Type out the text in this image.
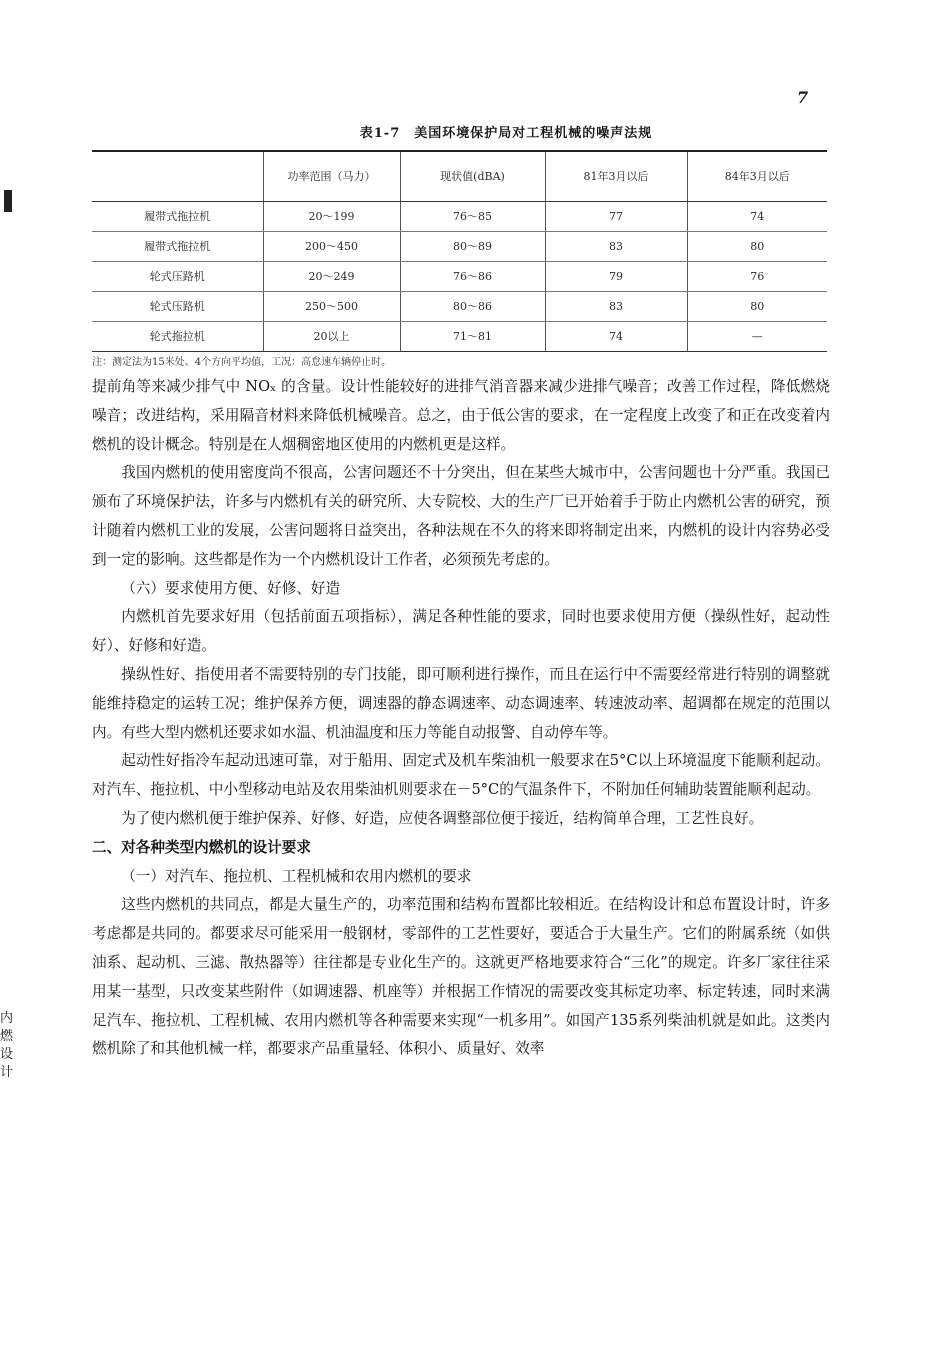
内燃设计
7
表1-7　美国环境保护局对工程机械的噪声法规
	功率范围（马力）	现状值(dBA)	81年3月以后	84年3月以后
履带式拖拉机	20～199	76～85	77	74
履带式拖拉机	200～450	80～89	83	80
轮式压路机	20～249	76～86	79	76
轮式压路机	250～500	80～86	83	80
轮式拖拉机	20以上	71～81	74	—
注：测定法为15米处、4个方向平均值，工况：高怠速车辆停止时。

提前角等来减少排气中 NOₓ 的含量。设计性能较好的进排气消音器来减少进排气噪音；改善工作过程，降低燃烧噪音；改进结构，采用隔音材料来降低机械噪音。总之，由于低公害的要求，在一定程度上改变了和正在改变着内燃机的设计概念。特别是在人烟稠密地区使用的内燃机更是这样。

我国内燃机的使用密度尚不很高，公害问题还不十分突出，但在某些大城市中，公害问题也十分严重。我国已颁布了环境保护法，许多与内燃机有关的研究所、大专院校、大的生产厂已开始着手于防止内燃机公害的研究，预计随着内燃机工业的发展，公害问题将日益突出，各种法规在不久的将来即将制定出来，内燃机的设计内容势必受到一定的影响。这些都是作为一个内燃机设计工作者，必须预先考虑的。

（六）要求使用方便、好修、好造

内燃机首先要求好用（包括前面五项指标），满足各种性能的要求，同时也要求使用方便（操纵性好，起动性好）、好修和好造。

操纵性好、指使用者不需要特别的专门技能，即可顺利进行操作，而且在运行中不需要经常进行特别的调整就能维持稳定的运转工况；维护保养方便，调速器的静态调速率、动态调速率、转速波动率、超调都在规定的范围以内。有些大型内燃机还要求如水温、机油温度和压力等能自动报警、自动停车等。

起动性好指冷车起动迅速可靠，对于船用、固定式及机车柴油机一般要求在5°C以上环境温度下能顺利起动。对汽车、拖拉机、中小型移动电站及农用柴油机则要求在－5°C的气温条件下，不附加任何辅助装置能顺利起动。

为了使内燃机便于维护保养、好修、好造，应使各调整部位便于接近，结构简单合理，工艺性良好。

二、对各种类型内燃机的设计要求

（一）对汽车、拖拉机、工程机械和农用内燃机的要求

这些内燃机的共同点，都是大量生产的，功率范围和结构布置都比较相近。在结构设计和总布置设计时，许多考虑都是共同的。都要求尽可能采用一般钢材，零部件的工艺性要好，要适合于大量生产。它们的附属系统（如供油系、起动机、三滤、散热器等）往往都是专业化生产的。这就更严格地要求符合“三化”的规定。许多厂家往往采用某一基型，只改变某些附件（如调速器、机座等）并根据工作情况的需要改变其标定功率、标定转速，同时来满足汽车、拖拉机、工程机械、农用内燃机等各种需要来实现“一机多用”。如国产135系列柴油机就是如此。这类内燃机除了和其他机械一样，都要求产品重量轻、体积小、质量好、效率
